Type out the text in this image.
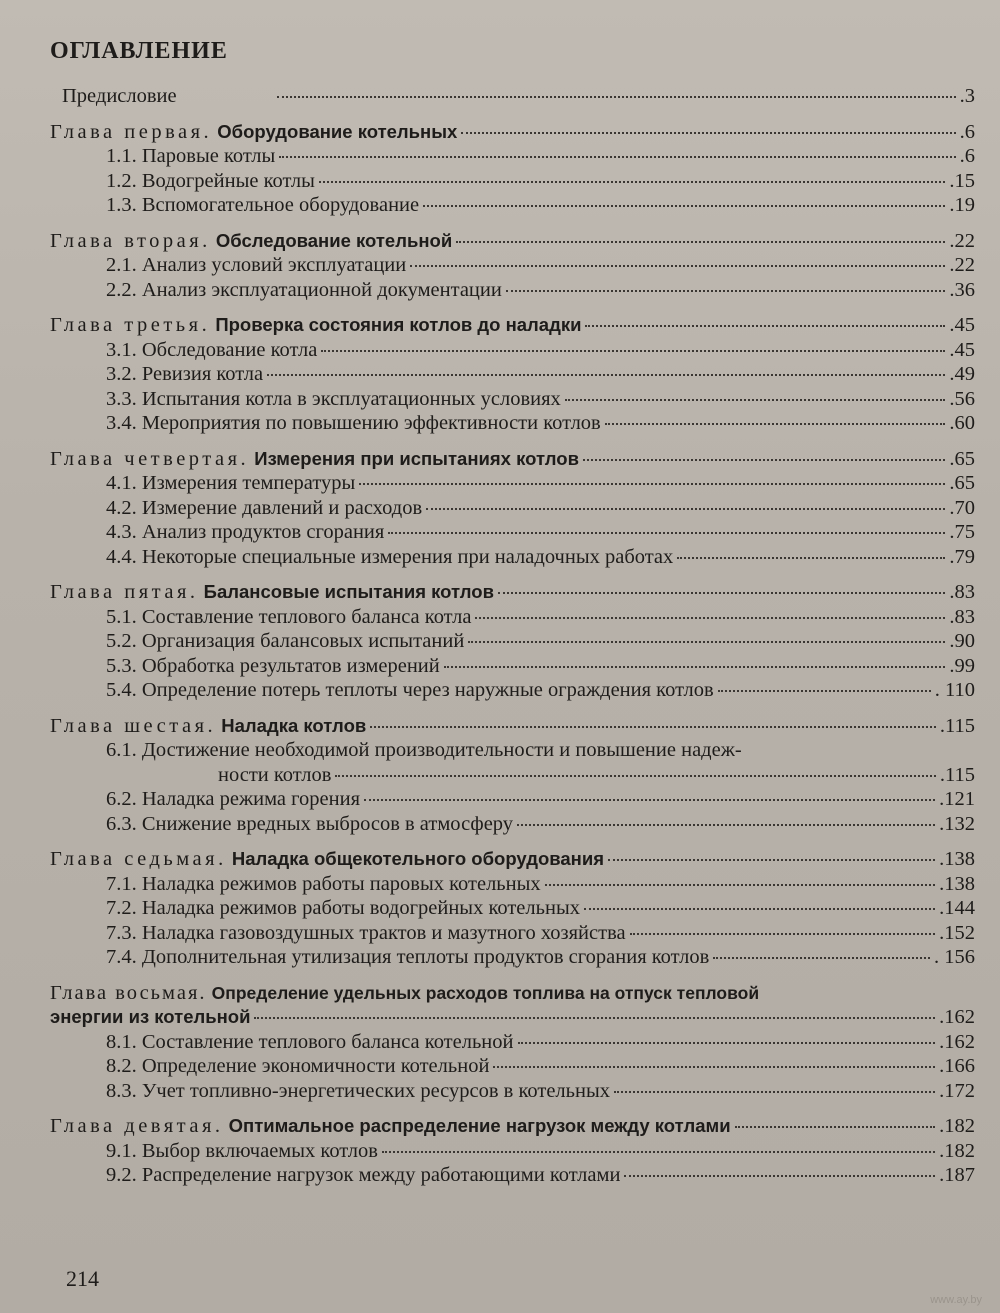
ОГЛАВЛЕНИЕ
Предисловие	.3
Глава первая. Оборудование котельных	.6
1.1. Паровые котлы	.6
1.2. Водогрейные котлы	.15
1.3. Вспомогательное оборудование	.19
Глава вторая. Обследование котельной	.22
2.1. Анализ условий эксплуатации	.22
2.2. Анализ эксплуатационной документации	.36
Глава третья. Проверка состояния котлов до наладки	.45
3.1. Обследование котла	.45
3.2. Ревизия котла	.49
3.3. Испытания котла в эксплуатационных условиях	.56
3.4. Мероприятия по повышению эффективности котлов	.60
Глава четвертая. Измерения при испытаниях котлов	.65
4.1. Измерения температуры	.65
4.2. Измерение давлений и расходов	.70
4.3. Анализ продуктов сгорания	.75
4.4. Некоторые специальные измерения при наладочных работах	.79
Глава пятая. Балансовые испытания котлов	.83
5.1. Составление теплового баланса котла	.83
5.2. Организация балансовых испытаний	.90
5.3. Обработка результатов измерений	.99
5.4. Определение потерь теплоты через наружные ограждения котлов	. 110
Глава шестая. Наладка котлов	.115
6.1. Достижение необходимой производительности и повышение надеж-
ности котлов	.115
6.2. Наладка режима горения	.121
6.3. Снижение вредных выбросов в атмосферу	.132
Глава седьмая. Наладка общекотельного оборудования	.138
7.1. Наладка режимов работы паровых котельных	.138
7.2. Наладка режимов работы водогрейных котельных	.144
7.3. Наладка газовоздушных трактов и мазутного хозяйства	.152
7.4. Дополнительная утилизация теплоты продуктов сгорания котлов	. 156
Глава восьмая. Определение удельных расходов топлива на отпуск тепловой
энергии из котельной	.162
8.1. Составление теплового баланса котельной	.162
8.2. Определение экономичности котельной	.166
8.3. Учет топливно-энергетических ресурсов в котельных	.172
Глава девятая. Оптимальное распределение нагрузок между котлами	.182
9.1. Выбор включаемых котлов	.182
9.2. Распределение нагрузок между работающими котлами	.187
214
www.ay.by
